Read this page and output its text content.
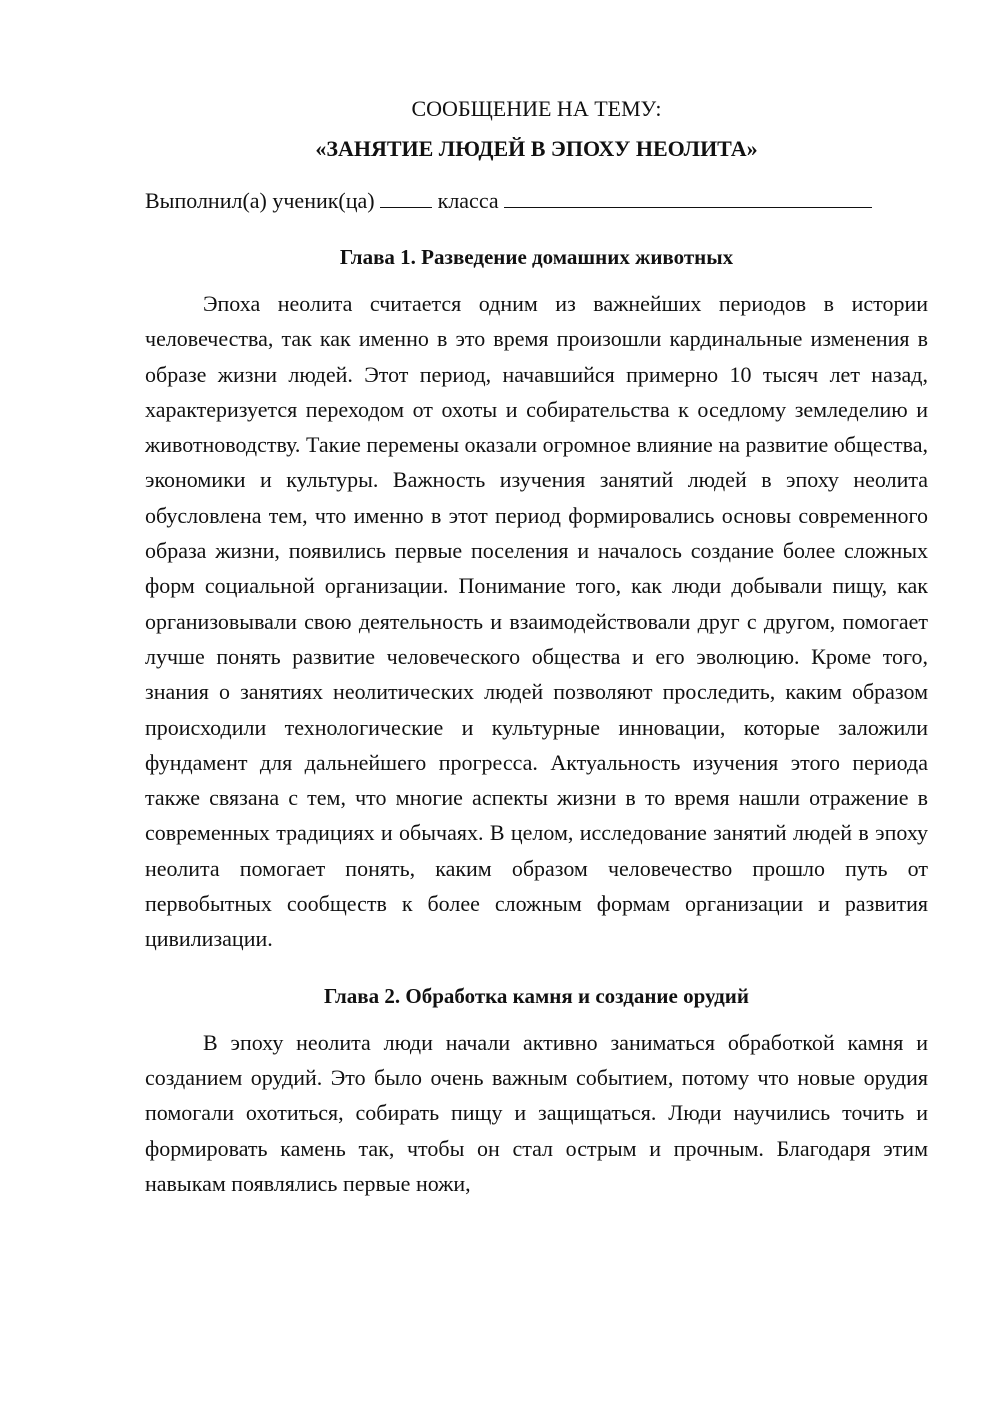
СООБЩЕНИЕ НА ТЕМУ:
«ЗАНЯТИЕ ЛЮДЕЙ В ЭПОХУ НЕОЛИТА»

Выполнил(а) ученик(ца)  класса

Глава 1. Разведение домашних животных

Эпоха неолита считается одним из важнейших периодов в истории человечества, так как именно в это время произошли кардинальные изменения в образе жизни людей. Этот период, начавшийся примерно 10 тысяч лет назад, характеризуется переходом от охоты и собирательства к оседлому земледелию и животноводству. Такие перемены оказали огромное влияние на развитие общества, экономики и культуры. Важность изучения занятий людей в эпоху неолита обусловлена тем, что именно в этот период формировались основы современного образа жизни, появились первые поселения и началось создание более сложных форм социальной организации. Понимание того, как люди добывали пищу, как организовывали свою деятельность и взаимодействовали друг с другом, помогает лучше понять развитие человеческого общества и его эволюцию. Кроме того, знания о занятиях неолитических людей позволяют проследить, каким образом происходили технологические и культурные инновации, которые заложили фундамент для дальнейшего прогресса. Актуальность изучения этого периода также связана с тем, что многие аспекты жизни в то время нашли отражение в современных традициях и обычаях. В целом, исследование занятий людей в эпоху неолита помогает понять, каким образом человечество прошло путь от первобытных сообществ к более сложным формам организации и развития цивилизации.

Глава 2. Обработка камня и создание орудий

В эпоху неолита люди начали активно заниматься обработкой камня и созданием орудий. Это было очень важным событием, потому что новые орудия помогали охотиться, собирать пищу и защищаться. Люди научились точить и формировать камень так, чтобы он стал острым и прочным. Благодаря этим навыкам появлялись первые ножи,
